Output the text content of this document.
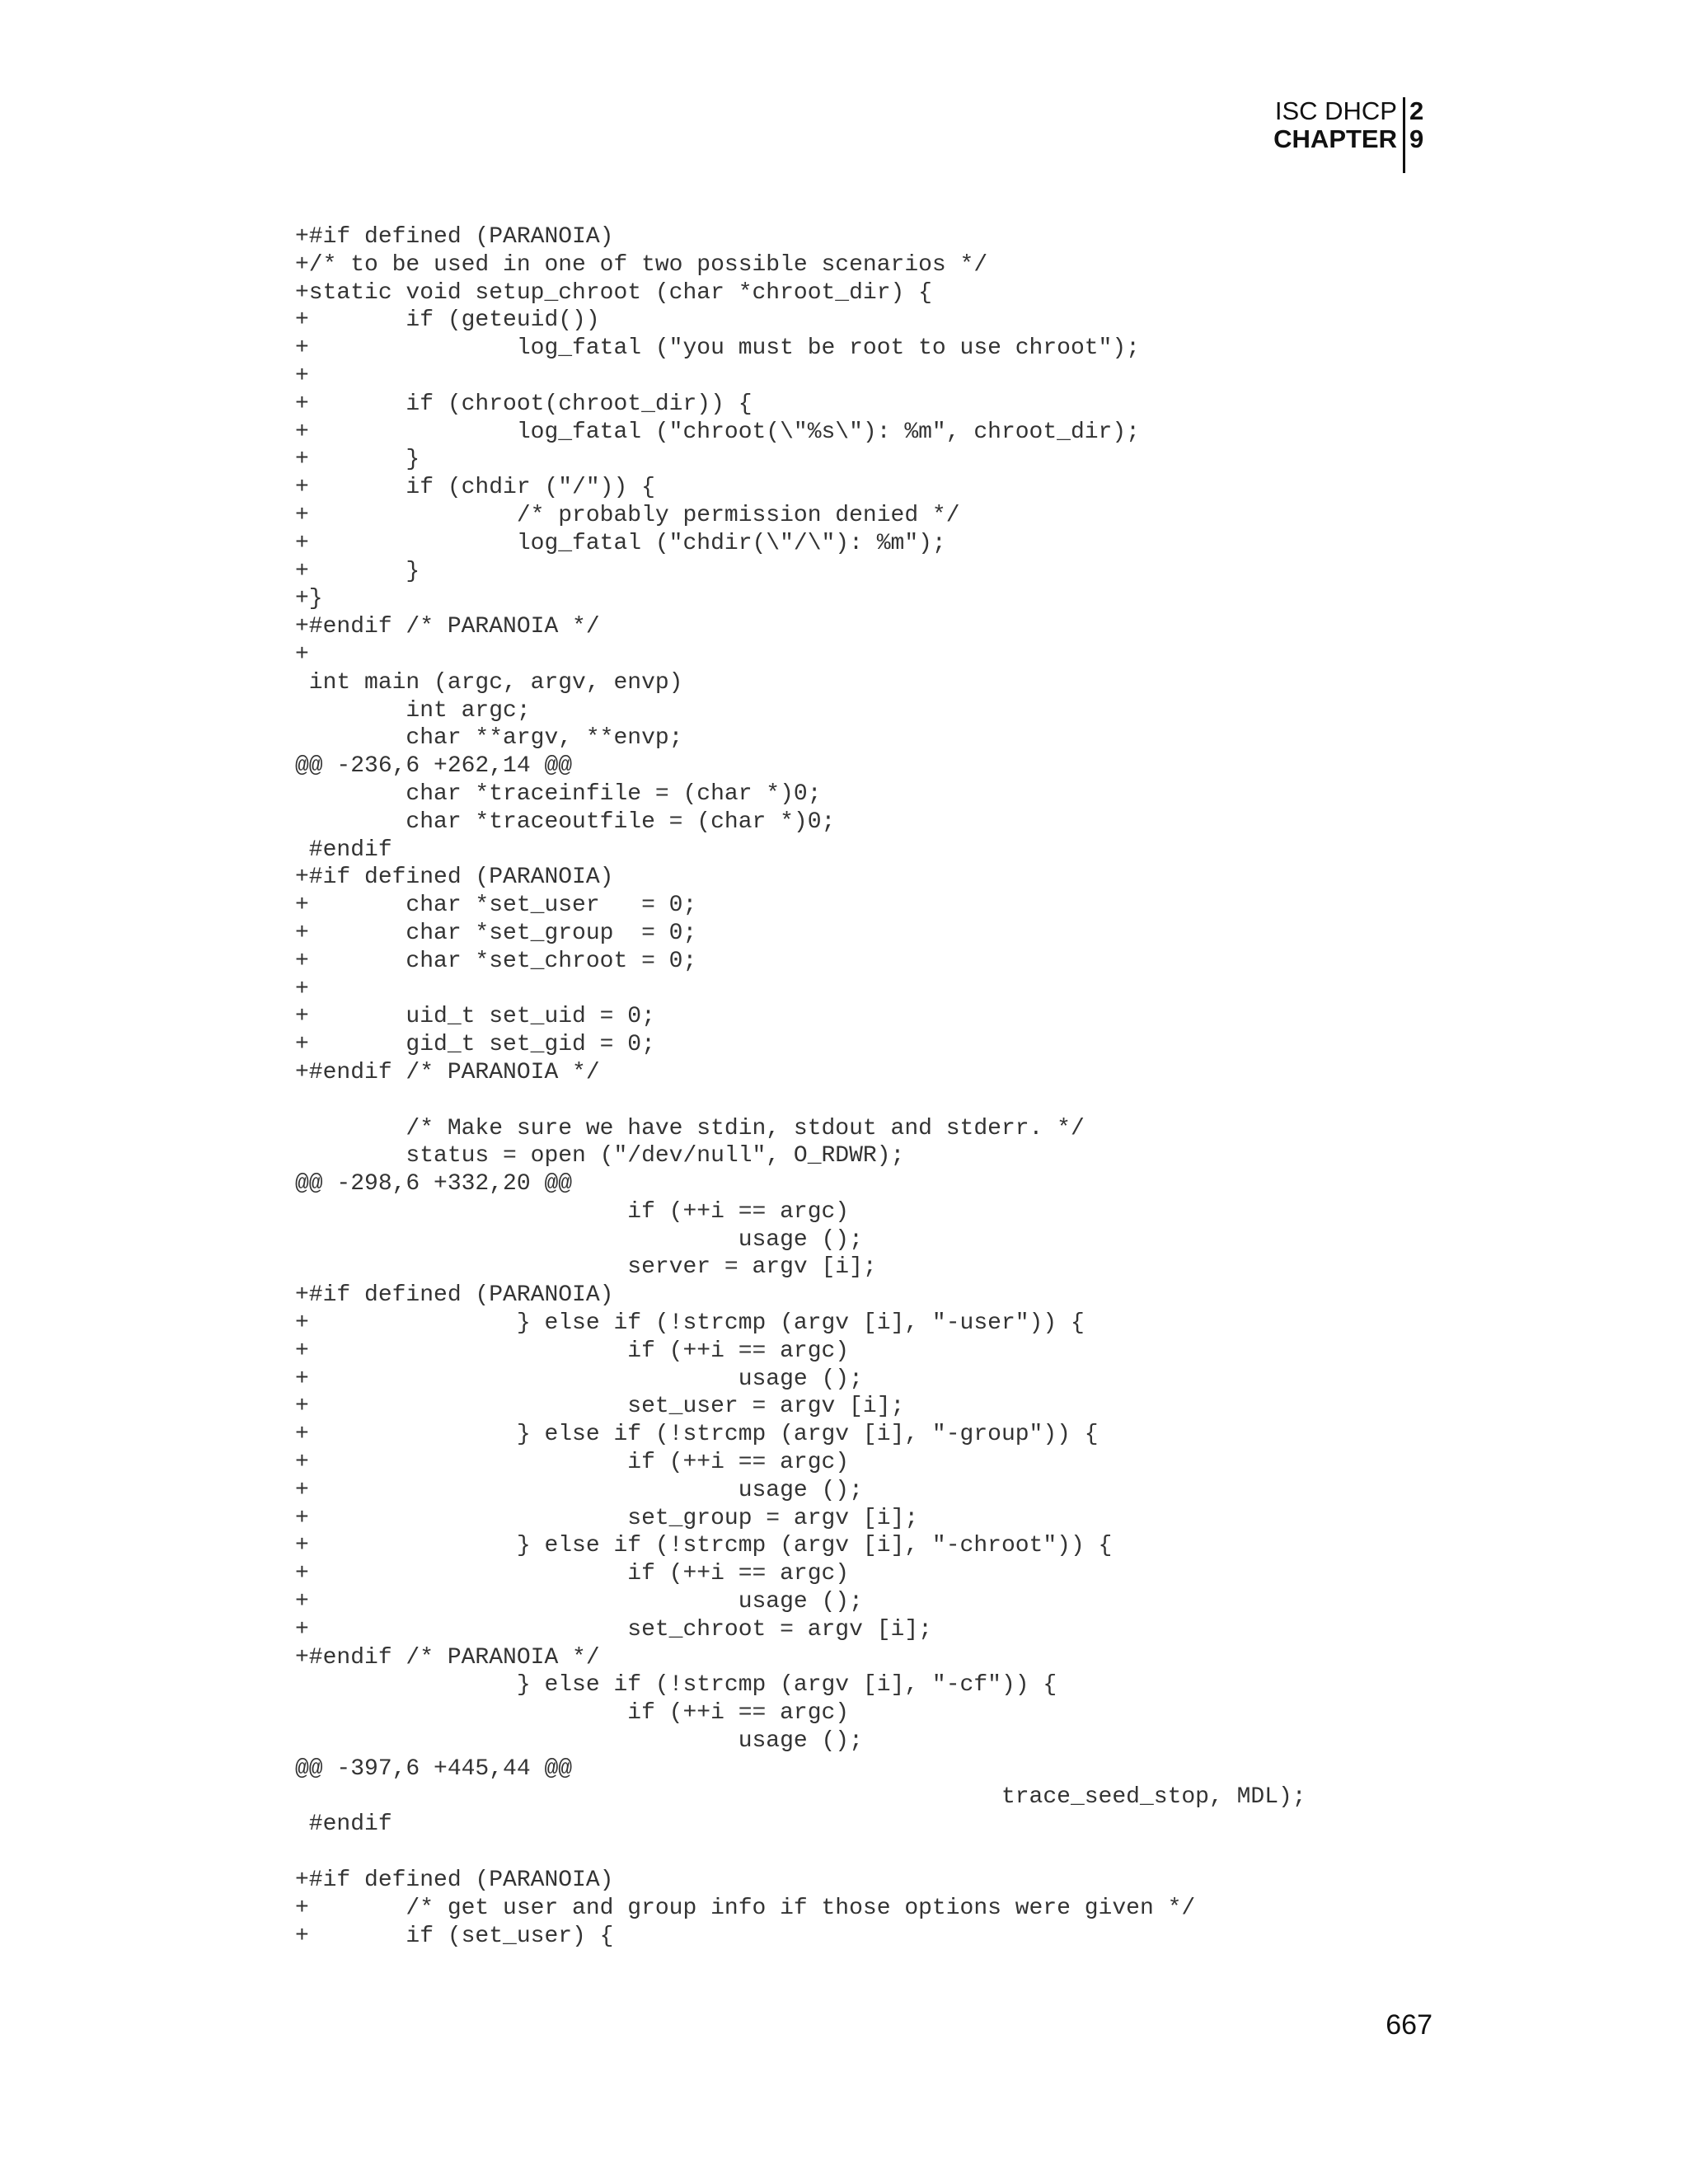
ISC DHCP
CHAPTER
2
9
+#if defined (PARANOIA)
+/* to be used in one of two possible scenarios */
+static void setup_chroot (char *chroot_dir) {
+       if (geteuid())
+               log_fatal ("you must be root to use chroot");
+
+       if (chroot(chroot_dir)) {
+               log_fatal ("chroot(\"%s\"): %m", chroot_dir);
+       }
+       if (chdir ("/")) {
+               /* probably permission denied */
+               log_fatal ("chdir(\"/\"): %m");
+       }
+}
+#endif /* PARANOIA */
+
int main (argc, argv, envp)
int argc;
char **argv, **envp;
@@ -236,6 +262,14 @@
char *traceinfile = (char *)0;
char *traceoutfile = (char *)0;
#endif
+#if defined (PARANOIA)
+       char *set_user   = 0;
+       char *set_group  = 0;
+       char *set_chroot = 0;
+
+       uid_t set_uid = 0;
+       gid_t set_gid = 0;
+#endif /* PARANOIA */

/* Make sure we have stdin, stdout and stderr. */
status = open ("/dev/null", O_RDWR);
@@ -298,6 +332,20 @@
if (++i == argc)
usage ();
server = argv [i];
+#if defined (PARANOIA)
+               } else if (!strcmp (argv [i], "-user")) {
+                       if (++i == argc)
+                               usage ();
+                       set_user = argv [i];
+               } else if (!strcmp (argv [i], "-group")) {
+                       if (++i == argc)
+                               usage ();
+                       set_group = argv [i];
+               } else if (!strcmp (argv [i], "-chroot")) {
+                       if (++i == argc)
+                               usage ();
+                       set_chroot = argv [i];
+#endif /* PARANOIA */
} else if (!strcmp (argv [i], "-cf")) {
if (++i == argc)
usage ();
@@ -397,6 +445,44 @@
trace_seed_stop, MDL);
#endif

+#if defined (PARANOIA)
+       /* get user and group info if those options were given */
+       if (set_user) {
667
